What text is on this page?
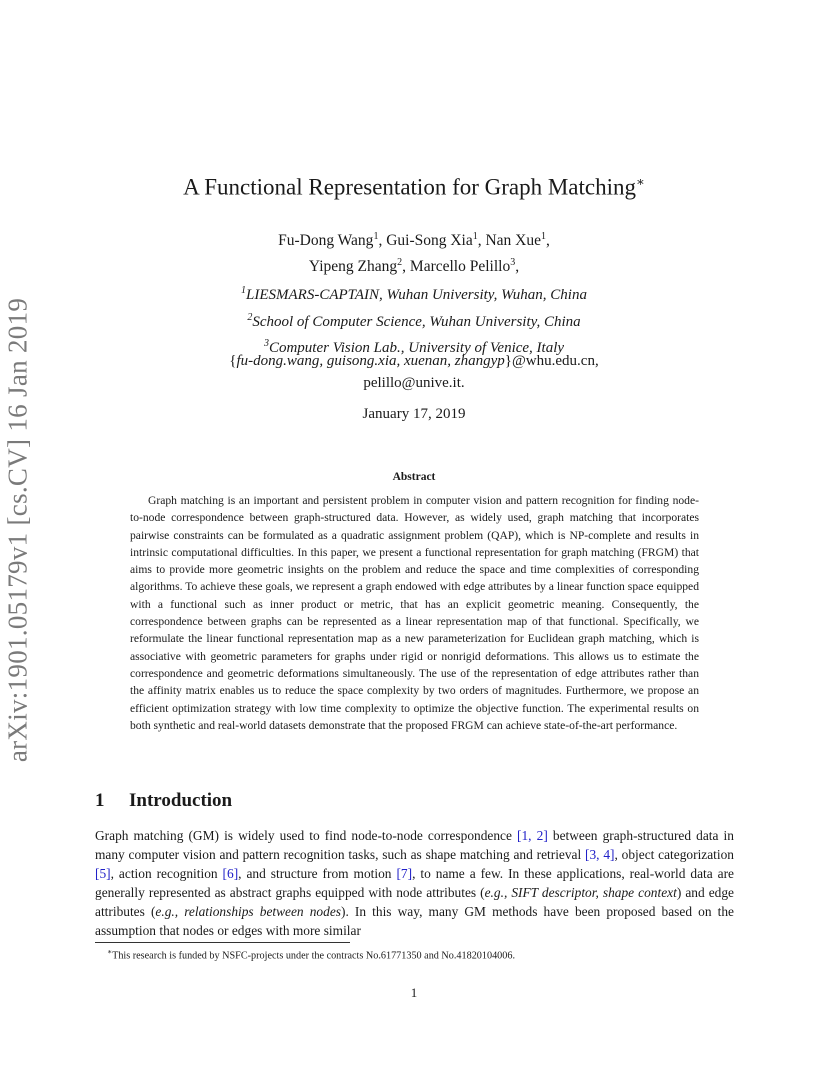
arXiv:1901.05179v1 [cs.CV] 16 Jan 2019
A Functional Representation for Graph Matching∗
Fu-Dong Wang$^1$, Gui-Song Xia$^1$, Nan Xue$^1$,
Yipeng Zhang$^2$, Marcello Pelillo$^3$,
$^1$LIESMARS-CAPTAIN, Wuhan University, Wuhan, China
$^2$School of Computer Science, Wuhan University, China
$^3$Computer Vision Lab., University of Venice, Italy
{fu-dong.wang, guisong.xia, xuenan, zhangyp}@whu.edu.cn,
pelillo@unive.it.
January 17, 2019
Abstract

Graph matching is an important and persistent problem in computer vision and pattern recognition for finding node-to-node correspondence between graph-structured data. However, as widely used, graph matching that incorporates pairwise constraints can be formulated as a quadratic assignment problem (QAP), which is NP-complete and results in intrinsic computational difficulties. In this paper, we present a functional representation for graph matching (FRGM) that aims to provide more geometric insights on the problem and reduce the space and time complexities of corresponding algorithms. To achieve these goals, we represent a graph endowed with edge attributes by a linear function space equipped with a functional such as inner product or metric, that has an explicit geometric meaning. Consequently, the correspondence between graphs can be represented as a linear representation map of that functional. Specifically, we reformulate the linear functional representation map as a new parameterization for Euclidean graph matching, which is associative with geometric parameters for graphs under rigid or nonrigid deformations. This allows us to estimate the correspondence and geometric deformations simultaneously. The use of the representation of edge attributes rather than the affinity matrix enables us to reduce the space complexity by two orders of magnitudes. Furthermore, we propose an efficient optimization strategy with low time complexity to optimize the objective function. The experimental results on both synthetic and real-world datasets demonstrate that the proposed FRGM can achieve state-of-the-art performance.

1 Introduction

Graph matching (GM) is widely used to find node-to-node correspondence [1, 2] between graph-structured data in many computer vision and pattern recognition tasks, such as shape matching and retrieval [3, 4], object categorization [5], action recognition [6], and structure from motion [7], to name a few. In these applications, real-world data are generally represented as abstract graphs equipped with node attributes (e.g., SIFT descriptor, shape context) and edge attributes (e.g., relationships between nodes). In this way, many GM methods have been proposed based on the assumption that nodes or edges with more similar

∗This research is funded by NSFC-projects under the contracts No.61771350 and No.41820104006.
1
